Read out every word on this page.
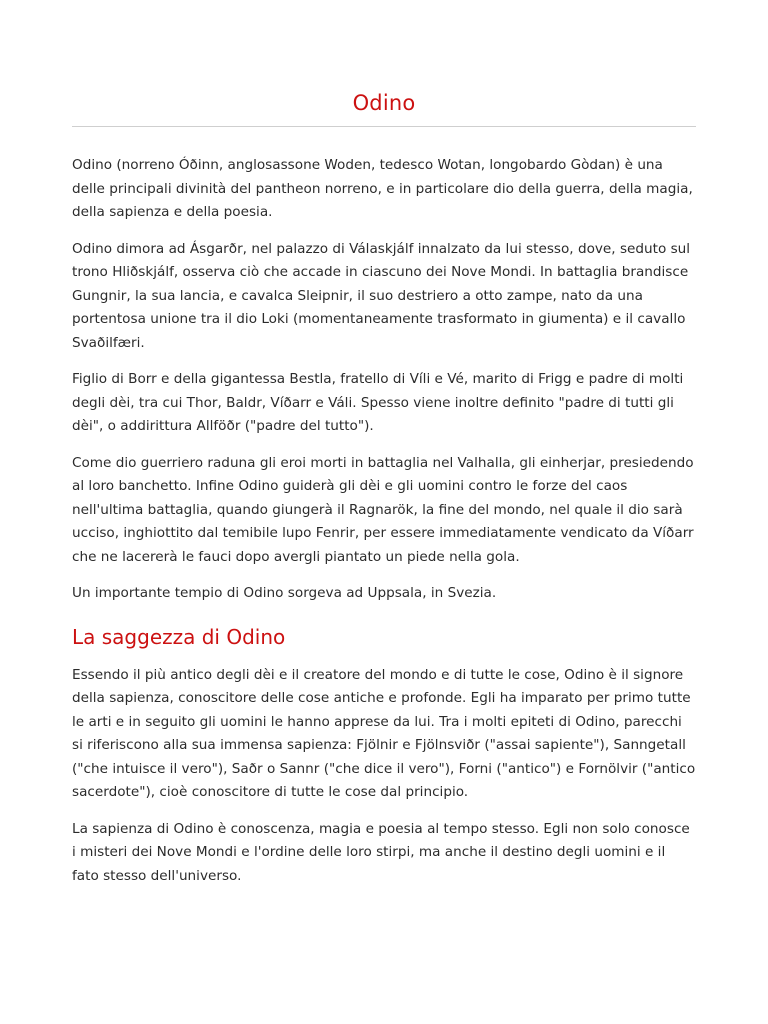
Odino

Odino (norreno Óðinn, anglosassone Woden, tedesco Wotan, longobardo Gòdan) è una delle principali divinità del pantheon norreno, e in particolare dio della guerra, della magia, della sapienza e della poesia.

Odino dimora ad Ásgarðr, nel palazzo di Válaskjálf innalzato da lui stesso, dove, seduto sul trono Hliðskjálf, osserva ciò che accade in ciascuno dei Nove Mondi. In battaglia brandisce Gungnir, la sua lancia, e cavalca Sleipnir, il suo destriero a otto zampe, nato da una portentosa unione tra il dio Loki (momentaneamente trasformato in giumenta) e il cavallo Svaðilfæri.

Figlio di Borr e della gigantessa Bestla, fratello di Víli e Vé, marito di Frigg e padre di molti degli dèi, tra cui Thor, Baldr, Víðarr e Váli. Spesso viene inoltre definito "padre di tutti gli dèi", o addirittura Allföðr ("padre del tutto").

Come dio guerriero raduna gli eroi morti in battaglia nel Valhalla, gli einherjar, presiedendo al loro banchetto. Infine Odino guiderà gli dèi e gli uomini contro le forze del caos nell'ultima battaglia, quando giungerà il Ragnarök, la fine del mondo, nel quale il dio sarà ucciso, inghiottito dal temibile lupo Fenrir, per essere immediatamente vendicato da Víðarr che ne lacererà le fauci dopo avergli piantato un piede nella gola.

Un importante tempio di Odino sorgeva ad Uppsala, in Svezia.

La saggezza di Odino

Essendo il più antico degli dèi e il creatore del mondo e di tutte le cose, Odino è il signore della sapienza, conoscitore delle cose antiche e profonde. Egli ha imparato per primo tutte le arti e in seguito gli uomini le hanno apprese da lui. Tra i molti epiteti di Odino, parecchi si riferiscono alla sua immensa sapienza: Fjölnir e Fjölnsviðr ("assai sapiente"), Sanngetall ("che intuisce il vero"), Saðr o Sannr ("che dice il vero"), Forni ("antico") e Fornölvir ("antico sacerdote"), cioè conoscitore di tutte le cose dal principio.

La sapienza di Odino è conoscenza, magia e poesia al tempo stesso. Egli non solo conosce i misteri dei Nove Mondi e l'ordine delle loro stirpi, ma anche il destino degli uomini e il fato stesso dell'universo.
